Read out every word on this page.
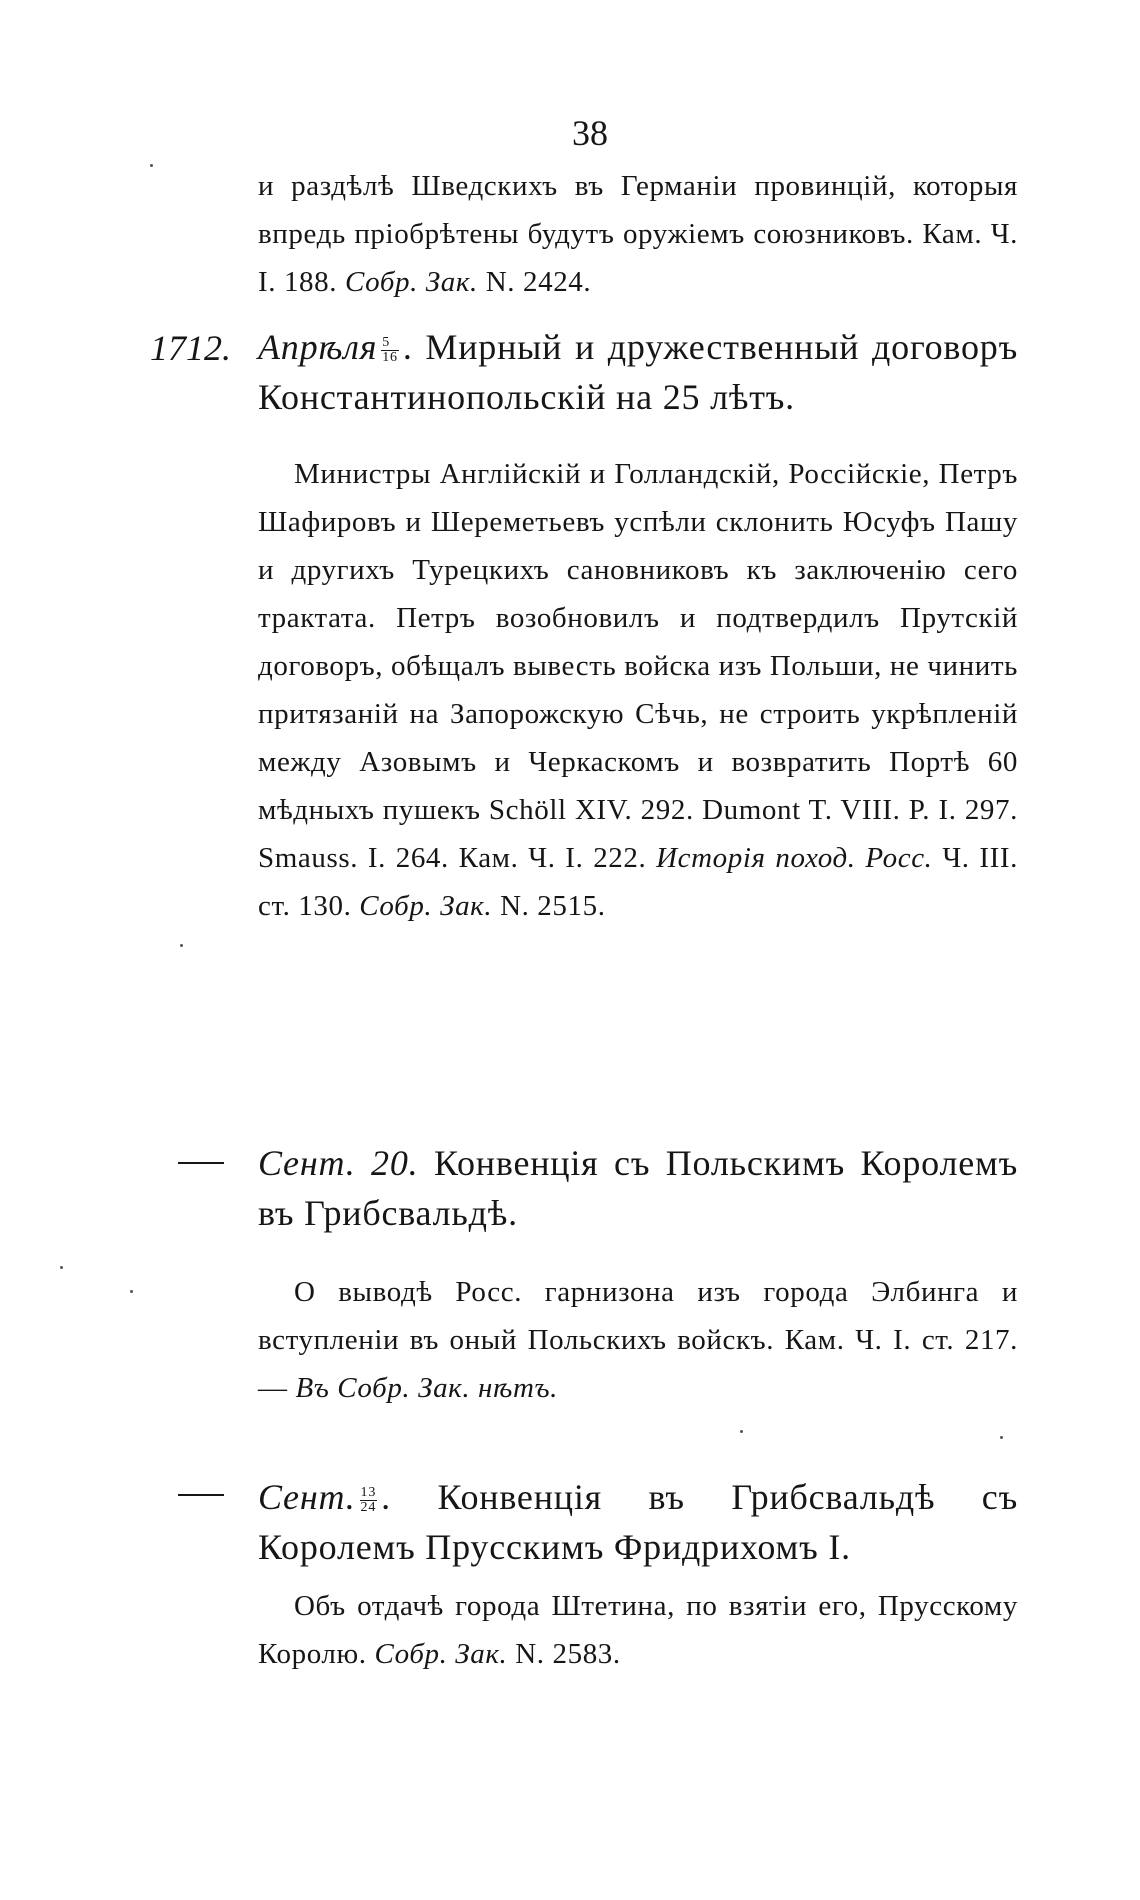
38
и раздѣлѣ Шведскихъ въ Германіи провинцій, которыя впредь пріобрѣтены будутъ оружіемъ союзниковъ. Кам. Ч. I. 188. Собр. Зак. N. 2424.
1712. Апрѣля $\frac{5}{16}$ . Мирный и дружественный договоръ Константинопольскій на 25 лѣтъ.
Министры Англійскій и Голландскій, Россійскіе, Петръ Шафировъ и Шереметьевъ успѣли склонить Юсуфъ Пашу и другихъ Турецкихъ сановниковъ къ заключенію сего трактата. Петръ возобновилъ и подтвердилъ Прутскій договоръ, обѣщалъ вывесть войска изъ Польши, не чинить притязаній на Запорожскую Сѣчь, не строить укрѣпленій между Азовымъ и Черкаскомъ и возвратить Портѣ 60 мѣдныхъ пушекъ Schöll XIV. 292. Dumont T. VIII. P. I. 297. Smauss. I. 264. Кам. Ч. I. 222. Исторія поход. Росс. Ч. III. ст. 130. Собр. Зак. N. 2515.
Сент. 20. Конвенція съ Польскимъ Королемъ въ Грибсвальдѣ.
О выводѣ Росс. гарнизона изъ города Элбинга и вступленіи въ оный Польскихъ войскъ. Кам. Ч. I. ст. 217. — Въ Собр. Зак. нѣтъ.
Сент. $\frac{13}{24}$ . Конвенція въ Грибсвальдѣ съ Королемъ Прусскимъ Фридрихомъ I.
Объ отдачѣ города Штетина, по взятіи его, Прусскому Королю. Собр. Зак. N. 2583.
